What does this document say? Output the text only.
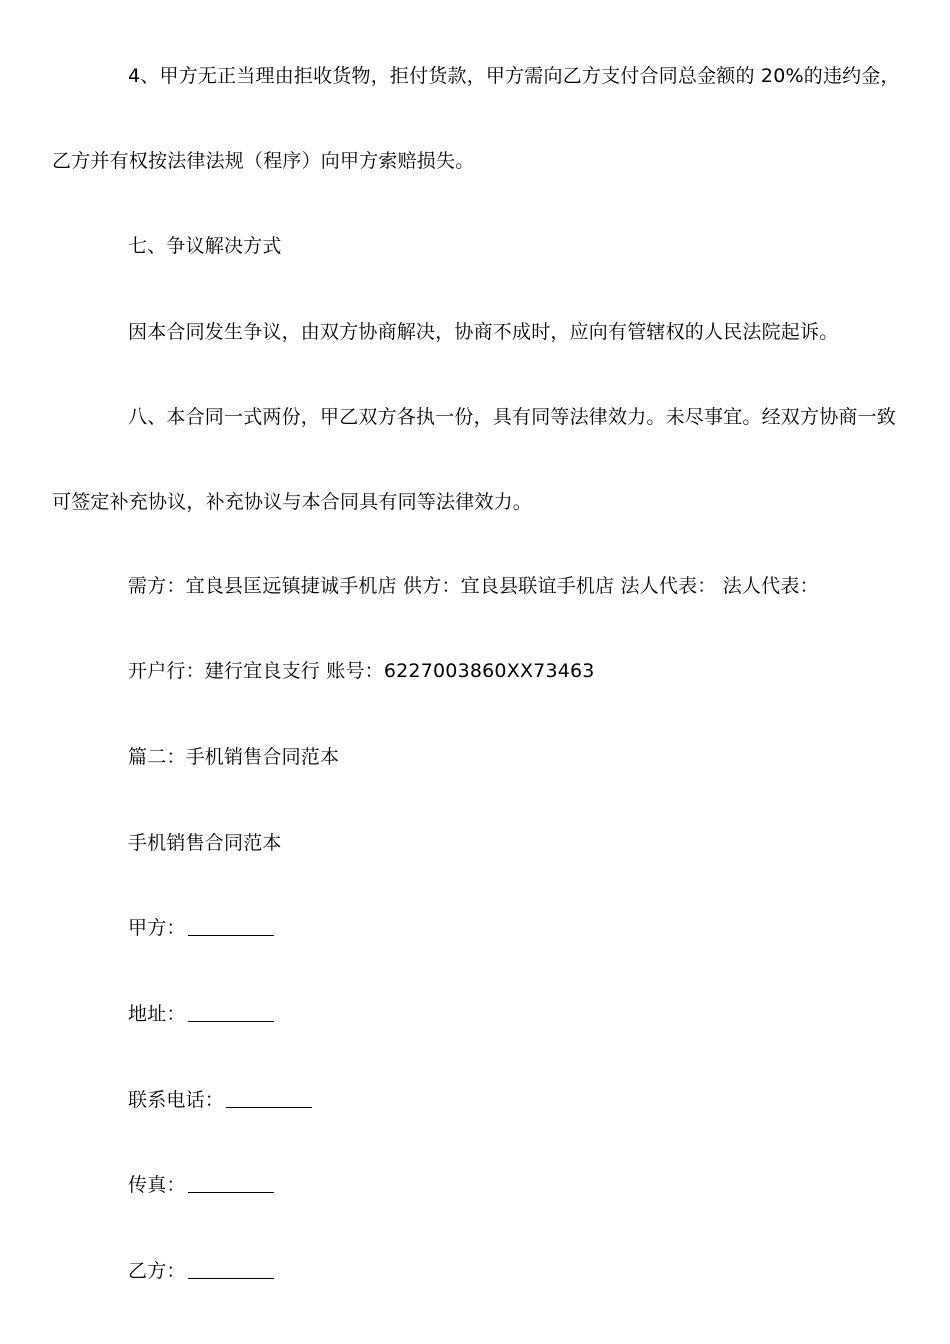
4、甲方无正当理由拒收货物，拒付货款，甲方需向乙方支付合同总金额的 20%的违约金，
乙方并有权按法律法规（程序）向甲方索赔损失。
七、争议解决方式
因本合同发生争议，由双方协商解决，协商不成时，应向有管辖权的人民法院起诉。
八、本合同一式两份，甲乙双方各执一份，具有同等法律效力。未尽事宜。经双方协商一致
可签定补充协议，补充协议与本合同具有同等法律效力。
需方：宜良县匡远镇捷诚手机店 供方：宜良县联谊手机店 法人代表： 法人代表：
开户行：建行宜良支行 账号：6227003860XX73463
篇二：手机销售合同范本
手机销售合同范本
甲方：
地址：
联系电话：
传真：
乙方：
